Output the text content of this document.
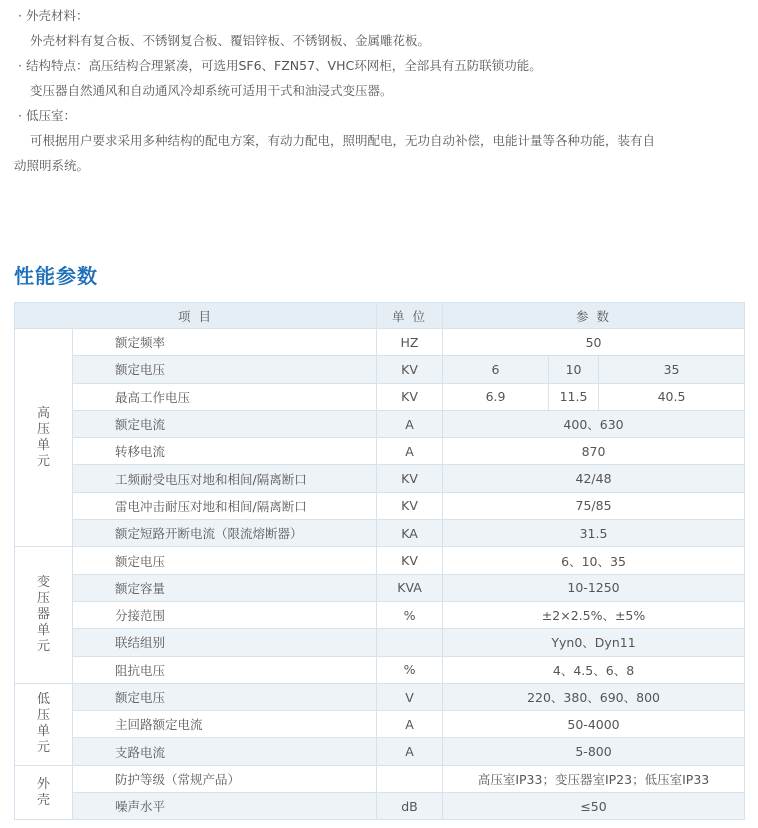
· 外壳材料：
外壳材料有复合板、不锈钢复合板、覆铝锌板、不锈钢板、金属雕花板。
· 结构特点：高压结构合理紧凑，可选用SF6、FZN57、VHC环网柜，全部具有五防联锁功能。
变压器自然通风和自动通风冷却系统可适用干式和油浸式变压器。
· 低压室：
可根据用户要求采用多种结构的配电方案，有动力配电，照明配电，无功自动补偿，电能计量等各种功能，装有自
动照明系统。
性能参数
项 目		单 位	参 数		

高
压
单
元	额定频率	HZ	50		
	额定电压	KV	6	10	35
	最高工作电压	KV	6.9	11.5	40.5
	额定电流	A	400、630		
	转移电流	A	870		
	工频耐受电压对地和相间/隔离断口	KV	42/48		
	雷电冲击耐压对地和相间/隔离断口	KV	75/85		
	额定短路开断电流（限流熔断器）	KA	31.5		

变
压
器
单
元	额定电压	KV	6、10、35		
	额定容量	KVA	10-1250		
	分接范围	%	±2×2.5%、±5%		
	联结组别		Yyn0、Dyn11		
	阻抗电压	%	4、4.5、6、8		

低
压
单
元	额定电压	V	220、380、690、800		
	主回路额定电流	A	50-4000		
	支路电流	A	5-800		

外
壳	防护等级（常规产品）		高压室IP33；变压器室IP23；低压室IP33		
	噪声水平	dB	≤50		
